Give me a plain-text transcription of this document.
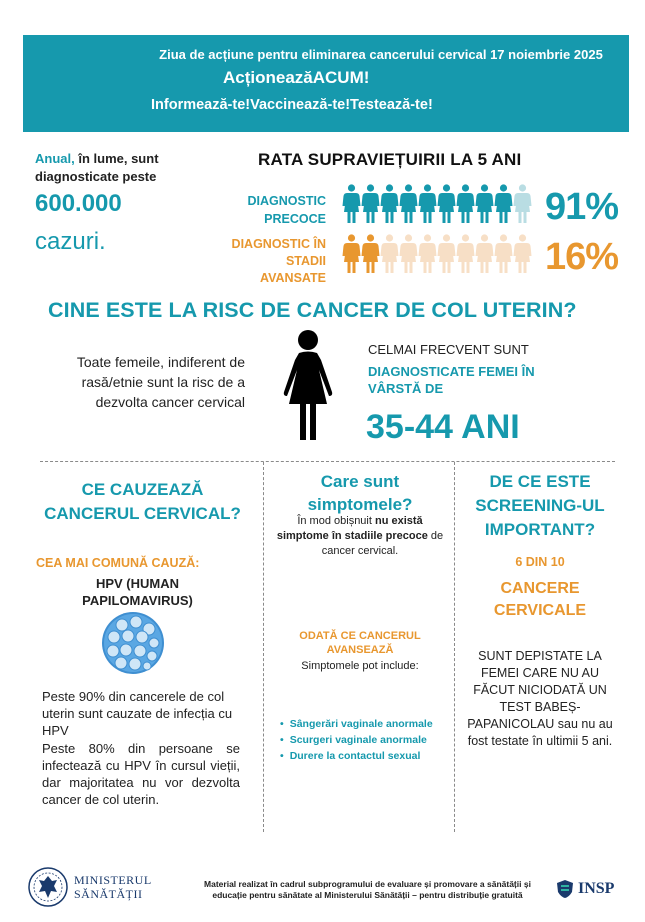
Ziua de acțiune pentru eliminarea cancerului cervical 17 noiembrie 2025
AcționeazăACUM!
Informează-te!Vaccinează-te!Testează-te!
Anual, în lume, sunt diagnosticate peste
600.000
cazuri.
RATA SUPRAVIEȚUIRII LA 5 ANI
DIAGNOSTIC PRECOCE
DIAGNOSTIC ÎN STADII AVANSATE
91%
16%
CINE ESTE LA RISC DE CANCER DE COL UTERIN?
Toate femeile, indiferent de rasă/etnie sunt la risc de a dezvolta cancer cervical
CELMAI FRECVENT SUNT
DIAGNOSTICATE FEMEI ÎN VÂRSTĂ DE
35-44 ANI
CE CAUZEAZĂ CANCERUL CERVICAL?
CEA MAI COMUNĂ CAUZĂ:
HPV (HUMAN PAPILOMAVIRUS)
Peste 90% din cancerele de col uterin sunt cauzate de infecția cu HPV
Peste 80% din persoane se infectează cu HPV în cursul vieții, dar majoritatea nu vor dezvolta cancer de col uterin.
Care sunt simptomele?
În mod obișnuit nu există simptome în stadiile precoce de cancer cervical.
ODATĂ CE CANCERUL AVANSEAZĂ
Simptomele pot include:
• Sângerări vaginale anormale
• Scurgeri vaginale anormale
• Durere la contactul sexual
DE CE ESTE SCREENING-UL IMPORTANT?
6 DIN 10
CANCERE CERVICALE
SUNT DEPISTATE LA FEMEI CARE NU AU FĂCUT NICIODATĂ UN TEST BABEȘ-PAPANICOLAU sau nu au fost testate în ultimii 5 ani.
MINISTERUL
SĂNĂTĂȚII
Material realizat în cadrul subprogramului de evaluare și promovare a sănătății și educație pentru sănătate al Ministerului Sănătății – pentru distribuție gratuită	INSP
